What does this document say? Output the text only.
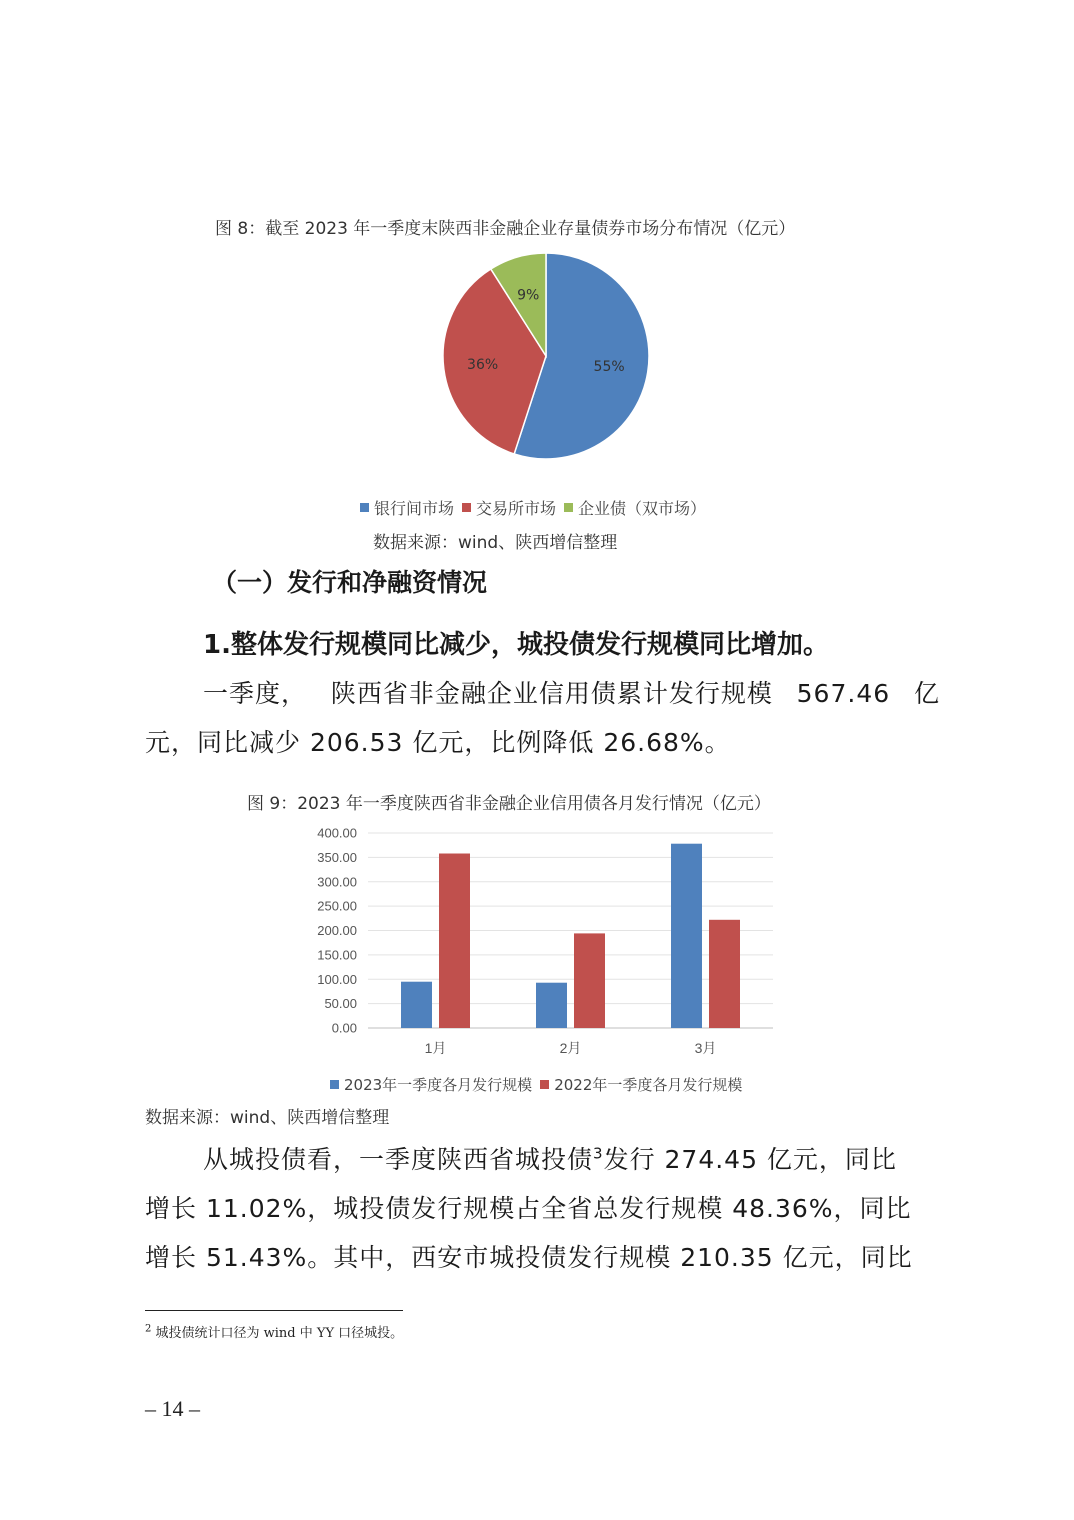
图 8：截至 2023 年一季度末陕西非金融企业存量债券市场分布情况（亿元）
55%
36%
9%
银行间市场 交易所市场 企业债（双市场）
数据来源：wind、陕西增信整理
（一）发行和净融资情况
1.整体发行规模同比减少，城投债发行规模同比增加。
一季度， 陕西省非金融企业信用债累计发行规模 567.46 亿
元，同比减少 206.53 亿元，比例降低 26.68%。
图 9：2023 年一季度陕西省非金融企业信用债各月发行情况（亿元）
0.00
50.00
100.00
150.00
200.00
250.00
300.00
350.00
400.00
1月	2月	3月
2023年一季度各月发行规模 2022年一季度各月发行规模
数据来源：wind、陕西增信整理
从城投债看，一季度陕西省城投债$^3$发行 274.45 亿元，同比
增长 11.02%，城投债发行规模占全省总发行规模 48.36%，同比
增长 51.43%。其中，西安市城投债发行规模 210.35 亿元，同比
$^2$ 城投债统计口径为 wind 中 YY 口径城投。
– 14 –
